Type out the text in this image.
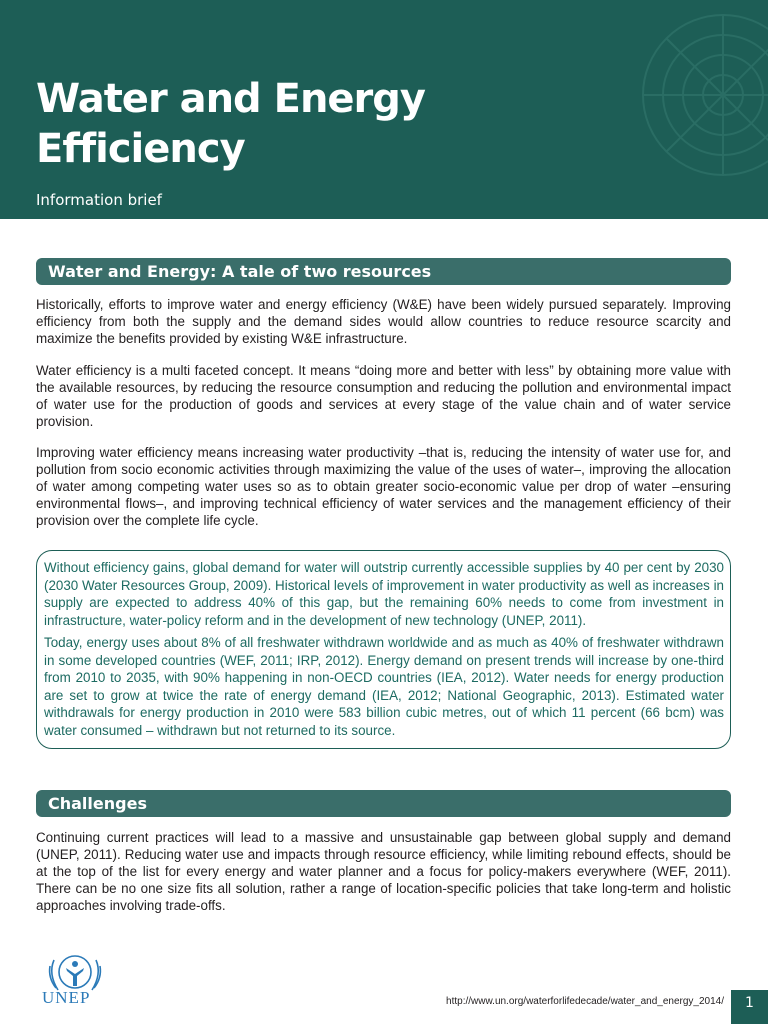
Water and Energy
Efficiency
Information brief
Water and Energy: A tale of two resources

Historically, efforts to improve water and energy efficiency (W&E) have been widely pursued separately. Improving efficiency from both the supply and the demand sides would allow countries to reduce resource scarcity and maximize the benefits provided by existing W&E infrastructure.

Water efficiency is a multi faceted concept. It means “doing more and better with less” by obtaining more value with the available resources, by reducing the resource consumption and reducing the pollution and environmental impact of water use for the production of goods and services at every stage of the value chain and of water service provision.

Improving water efficiency means increasing water productivity –that is, reducing the intensity of water use for, and pollution from socio economic activities through maximizing the value of the uses of water–, improving the allocation of water among competing water uses so as to obtain greater socio-economic value per drop of water –ensuring environmental flows–, and improving technical efficiency of water services and the management efficiency of their provision over the complete life cycle.

Without efficiency gains, global demand for water will outstrip currently accessible supplies by 40 per cent by 2030 (2030 Water Resources Group, 2009). Historical levels of improvement in water productivity as well as increases in supply are expected to address 40% of this gap, but the remaining 60% needs to come from investment in infrastructure, water-policy reform and in the development of new technology (UNEP, 2011).

Today, energy uses about 8% of all freshwater withdrawn worldwide and as much as 40% of freshwater withdrawn in some developed countries (WEF, 2011; IRP, 2012). Energy demand on present trends will increase by one-third from 2010 to 2035, with 90% happening in non-OECD countries (IEA, 2012). Water needs for energy production are set to grow at twice the rate of energy demand (IEA, 2012; National Geographic, 2013). Estimated water withdrawals for energy production in 2010 were 583 billion cubic metres, out of which 11 percent (66 bcm) was water consumed – withdrawn but not returned to its source.

Challenges

Continuing current practices will lead to a massive and unsustainable gap between global supply and demand (UNEP, 2011). Reducing water use and impacts through resource efficiency, while limiting rebound effects, should be at the top of the list for every energy and water planner and a focus for policy-makers everywhere (WEF, 2011). There can be no one size fits all solution, rather a range of location-specific policies that take long-term and holistic approaches involving trade-offs.

UNEP	http://www.un.org/waterforlifedecade/water_and_energy_2014/	1
